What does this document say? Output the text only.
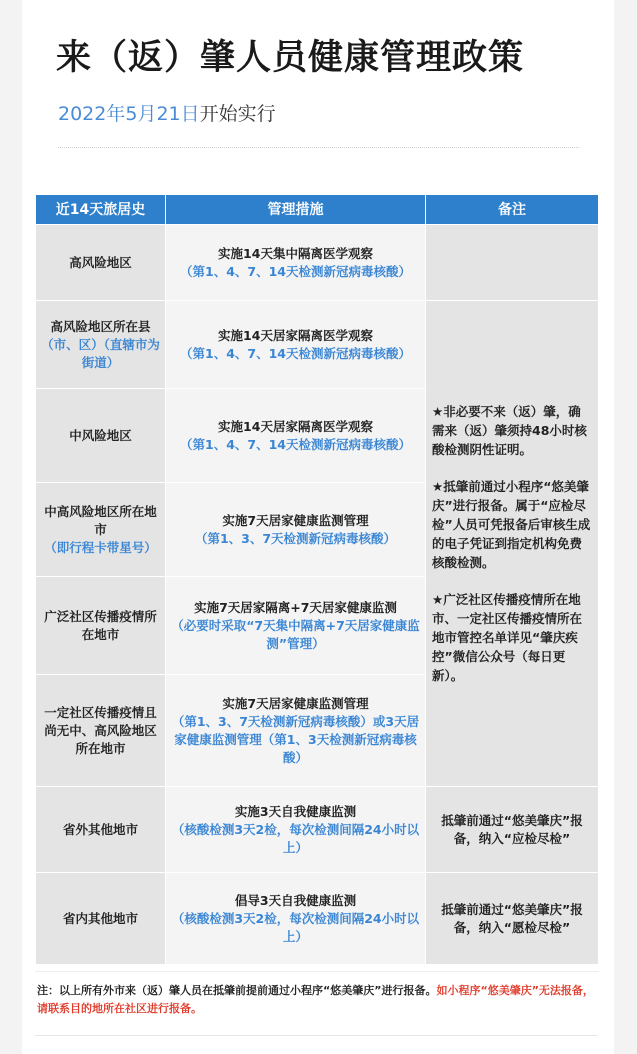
来（返）肇人员健康管理政策
2022年5月21日开始实行
近14天旅居史	管理措施	备注
高风险地区	实施14天集中隔离医学观察
（第1、4、7、14天检测新冠病毒核酸）	
高风险地区所在县
（市、区）（直辖市为街道）	实施14天居家隔离医学观察
（第1、4、7、14天检测新冠病毒核酸）	★非必要不来（返）肇，确需来（返）肇须持48小时核酸检测阴性证明。
★抵肇前通过小程序“悠美肇庆”进行报备。属于“应检尽检”人员可凭报备后审核生成的电子凭证到指定机构免费核酸检测。
★广泛社区传播疫情所在地市、一定社区传播疫情所在地市管控名单详见“肇庆疾控”微信公众号（每日更新）。

中风险地区	实施14天居家隔离医学观察
（第1、4、7、14天检测新冠病毒核酸）	
中高风险地区所在地市
（即行程卡带星号）	实施7天居家健康监测管理
（第1、3、7天检测新冠病毒核酸）	
广泛社区传播疫情所在地市	实施7天居家隔离+7天居家健康监测
（必要时采取“7天集中隔离+7天居家健康监测”管理）	
一定社区传播疫情且尚无中、高风险地区所在地市	实施7天居家健康监测管理
（第1、3、7天检测新冠病毒核酸）或3天居家健康监测管理（第1、3天检测新冠病毒核酸）	
省外其他地市	实施3天自我健康监测
（核酸检测3天2检，每次检测间隔24小时以上）	抵肇前通过“悠美肇庆”报备，纳入“应检尽检”
省内其他地市	倡导3天自我健康监测
（核酸检测3天2检，每次检测间隔24小时以上）	抵肇前通过“悠美肇庆”报备，纳入“愿检尽检”
注：以上所有外市来（返）肇人员在抵肇前提前通过小程序“悠美肇庆”进行报备。如小程序“悠美肇庆”无法报备，请联系目的地所在社区进行报备。
